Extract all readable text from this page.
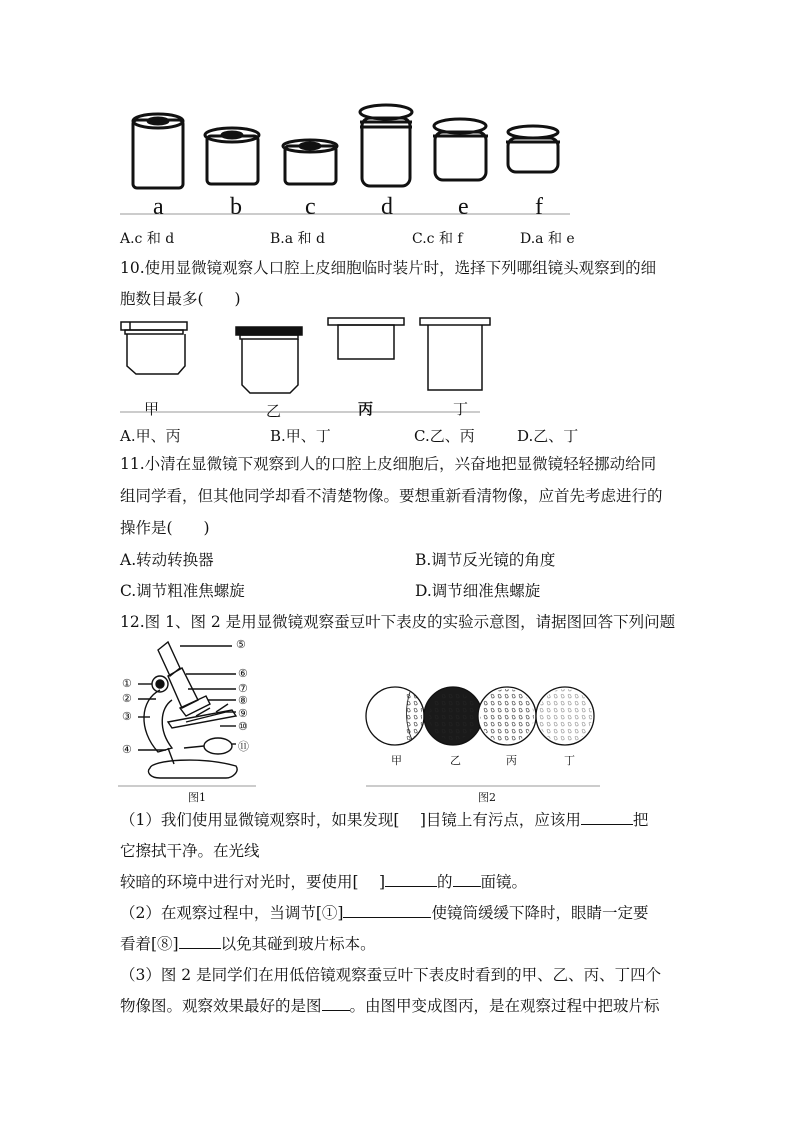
a	b	c	d	e	f
A.c 和 d	B.a 和 d	C.c 和 f	D.a 和 e
10.使用显微镜观察人口腔上皮细胞临时装片时，选择下列哪组镜头观察到的细
胞数目最多(　　)
甲	乙	丙	丁
A.甲、丙	B.甲、丁	C.乙、丙	D.乙、丁
11.小清在显微镜下观察到人的口腔上皮细胞后，兴奋地把显微镜轻轻挪动给同
组同学看，但其他同学却看不清楚物像。要想重新看清物像，应首先考虑进行的
操作是(　　)
A.转动转换器	B.调节反光镜的角度
C.调节粗准焦螺旋	D.调节细准焦螺旋
12.图 1、图 2 是用显微镜观察蚕豆叶下表皮的实验示意图，请据图回答下列问题
⑤
⑥
①	⑦
②	⑧
③	⑨
⑩
④	⑪
图1
甲	乙	丙	丁
图2
（1）我们使用显微镜观察时，如果发现[　 ]目镜上有污点，应该用	把
它擦拭干净。在光线
较暗的环境中进行对光时，要使用[　 ]	的 面镜。
（2）在观察过程中，当调节[①]	使镜筒缓缓下降时，眼睛一定要
看着[⑧]	以免其碰到玻片标本。
（3）图 2 是同学们在用低倍镜观察蚕豆叶下表皮时看到的甲、乙、丙、丁四个
物像图。观察效果最好的是图 。由图甲变成图丙，是在观察过程中把玻片标
